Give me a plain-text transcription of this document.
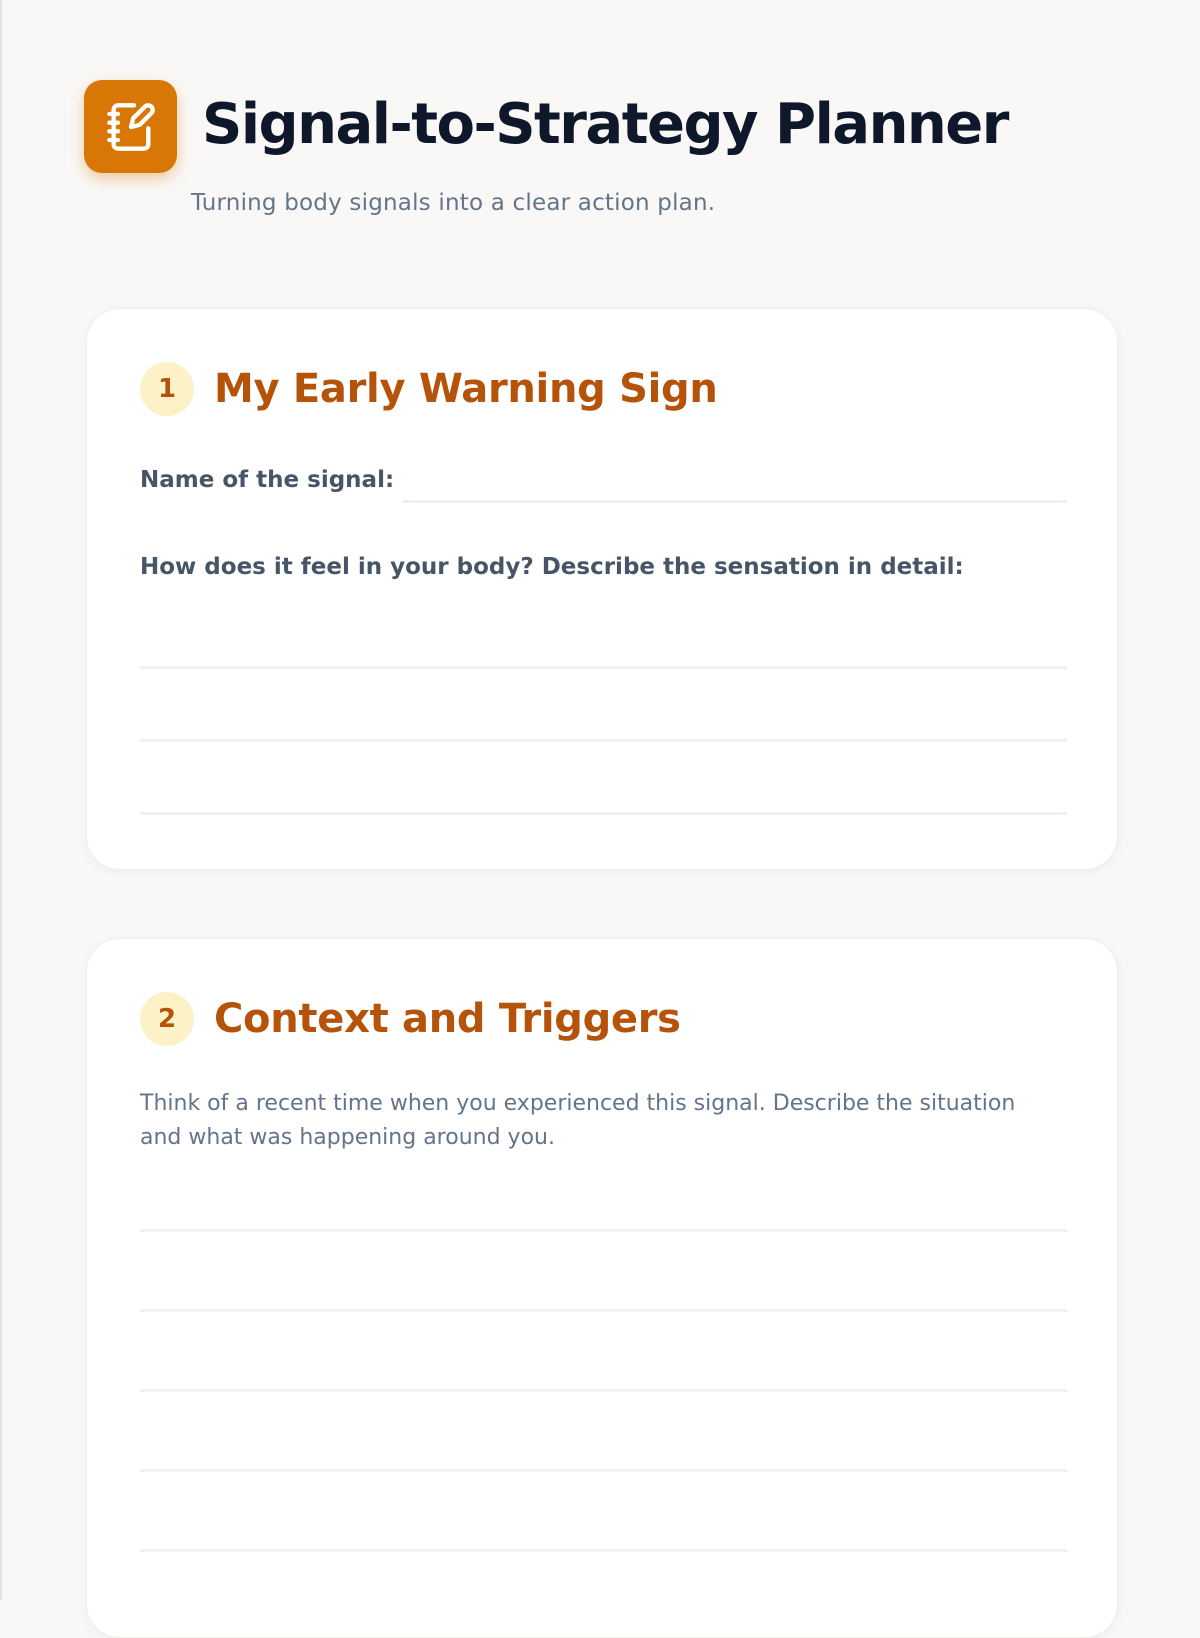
Signal-to-Strategy Planner
Turning body signals into a clear action plan.
1 My Early Warning Sign
Name of the signal:
How does it feel in your body? Describe the sensation in detail:
2 Context and Triggers
Think of a recent time when you experienced this signal. Describe the situation and what was happening around you.
